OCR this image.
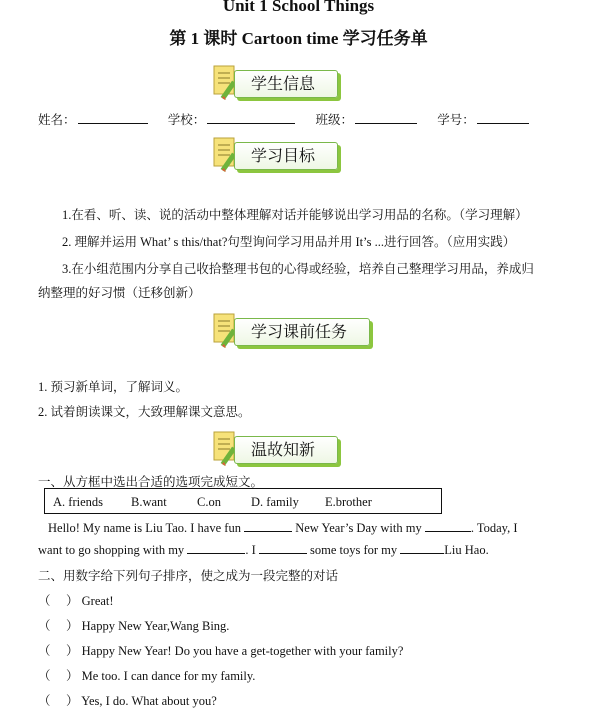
Unit 1 School Things
第 1 课时 Cartoon time 学习任务单
学生信息
姓名：	学校：	班级：	学号：
学习目标
1.在看、听、读、说的活动中整体理解对话并能够说出学习用品的名称。（学习理解）
2. 理解并运用 What’ s this/that?句型询问学习用品并用 It’s ...进行回答。（应用实践）
3.在小组范围内分享自己收拾整理书包的心得或经验，培养自己整理学习用品，养成归
纳整理的好习惯（迁移创新）
学习课前任务
1. 预习新单词，了解词义。
2. 试着朗读课文，大致理解课文意思。
温故知新
一、从方框中选出合适的选项完成短文。
A. friends B.want C.on D. family E.brother
Hello! My name is Liu Tao. I have fun	New Year’s Day with my	. Today, I
want to go shopping with my	. I	some toys for my	Liu Hao.
二、用数字给下列句子排序，使之成为一段完整的对话
（ ） Great!
（ ） Happy New Year,Wang Bing.
（ ） Happy New Year! Do you have a get-together with your family?
（ ） Me too. I can dance for my family.
（ ） Yes, I do. What about you?
